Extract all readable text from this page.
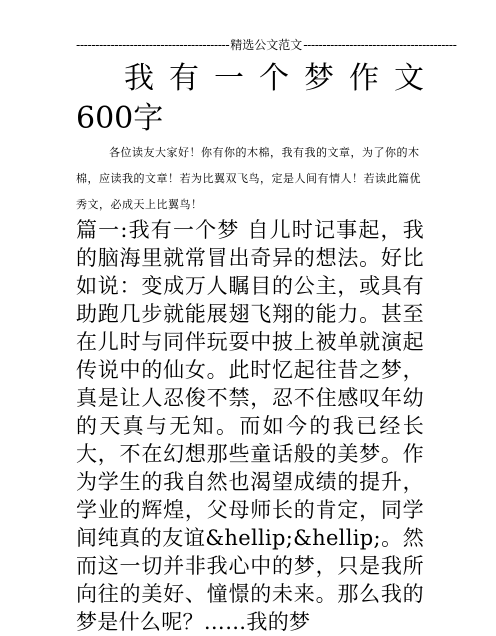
---------------------------------------- 精选公文范文 ----------------------------------------
我有一个梦作文
600字
各位读友大家好！你有你的木棉，我有我的文章，为了你的木棉，应读我的文章！若为比翼双飞鸟，定是人间有情人！若读此篇优秀文，必成天上比翼鸟！
篇一:我有一个梦 自儿时记事起，我的脑海里就常冒出奇异的想法。好比如说：变成万人瞩目的公主，或具有助跑几步就能展翅飞翔的能力。甚至在儿时与同伴玩耍中披上被单就演起传说中的仙女。此时忆起往昔之梦，真是让人忍俊不禁，忍不住感叹年幼的天真与无知。而如今的我已经长大，不在幻想那些童话般的美梦。作为学生的我自然也渴望成绩的提升，学业的辉煌，父母师长的肯定，同学间纯真的友谊&hellip;&hellip;。然而这一切并非我心中的梦，只是我所向往的美好、憧憬的未来。那么我的梦是什么呢？……我的梦
